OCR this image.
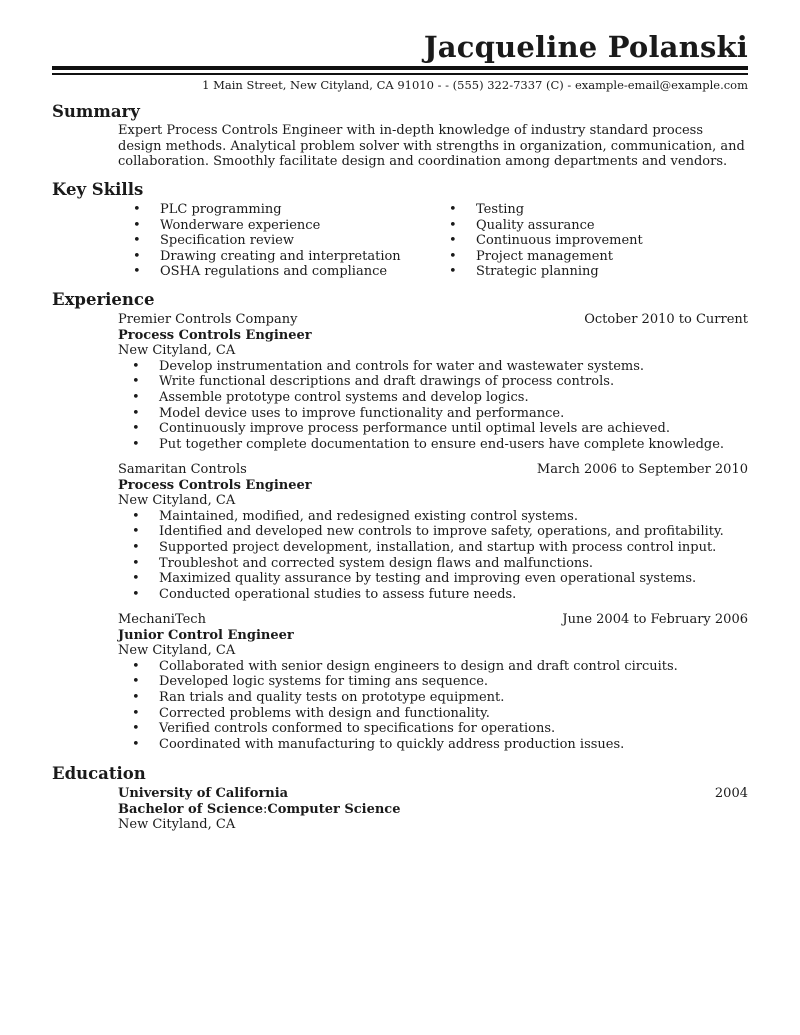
Jacqueline Polanski
1 Main Street, New Cityland, CA 91010 - - (555) 322-7337 (C) - example-email@example.com
Summary
Expert Process Controls Engineer with in-depth knowledge of industry standard process design methods. Analytical problem solver with strengths in organization, communication, and collaboration. Smoothly facilitate design and coordination among departments and vendors.
Key Skills
• PLC programming
• Wonderware experience
• Specification review
• Drawing creating and interpretation
• OSHA regulations and compliance
• Testing
• Quality assurance
• Continuous improvement
• Project management
• Strategic planning
Experience
Premier Controls Company	October 2010 to Current
Process Controls Engineer
New Cityland, CA
• Develop instrumentation and controls for water and wastewater systems.
• Write functional descriptions and draft drawings of process controls.
• Assemble prototype control systems and develop logics.
• Model device uses to improve functionality and performance.
• Continuously improve process performance until optimal levels are achieved.
• Put together complete documentation to ensure end-users have complete knowledge.
Samaritan Controls	March 2006 to September 2010
Process Controls Engineer
New Cityland, CA
• Maintained, modified, and redesigned existing control systems.
• Identified and developed new controls to improve safety, operations, and profitability.
• Supported project development, installation, and startup with process control input.
• Troubleshot and corrected system design flaws and malfunctions.
• Maximized quality assurance by testing and improving even operational systems.
• Conducted operational studies to assess future needs.
MechaniTech	June 2004 to February 2006
Junior Control Engineer
New Cityland, CA
• Collaborated with senior design engineers to design and draft control circuits.
• Developed logic systems for timing ans sequence.
• Ran trials and quality tests on prototype equipment.
• Corrected problems with design and functionality.
• Verified controls conformed to specifications for operations.
• Coordinated with manufacturing to quickly address production issues.
Education
University of California	2004
Bachelor of Science:Computer Science
New Cityland, CA
